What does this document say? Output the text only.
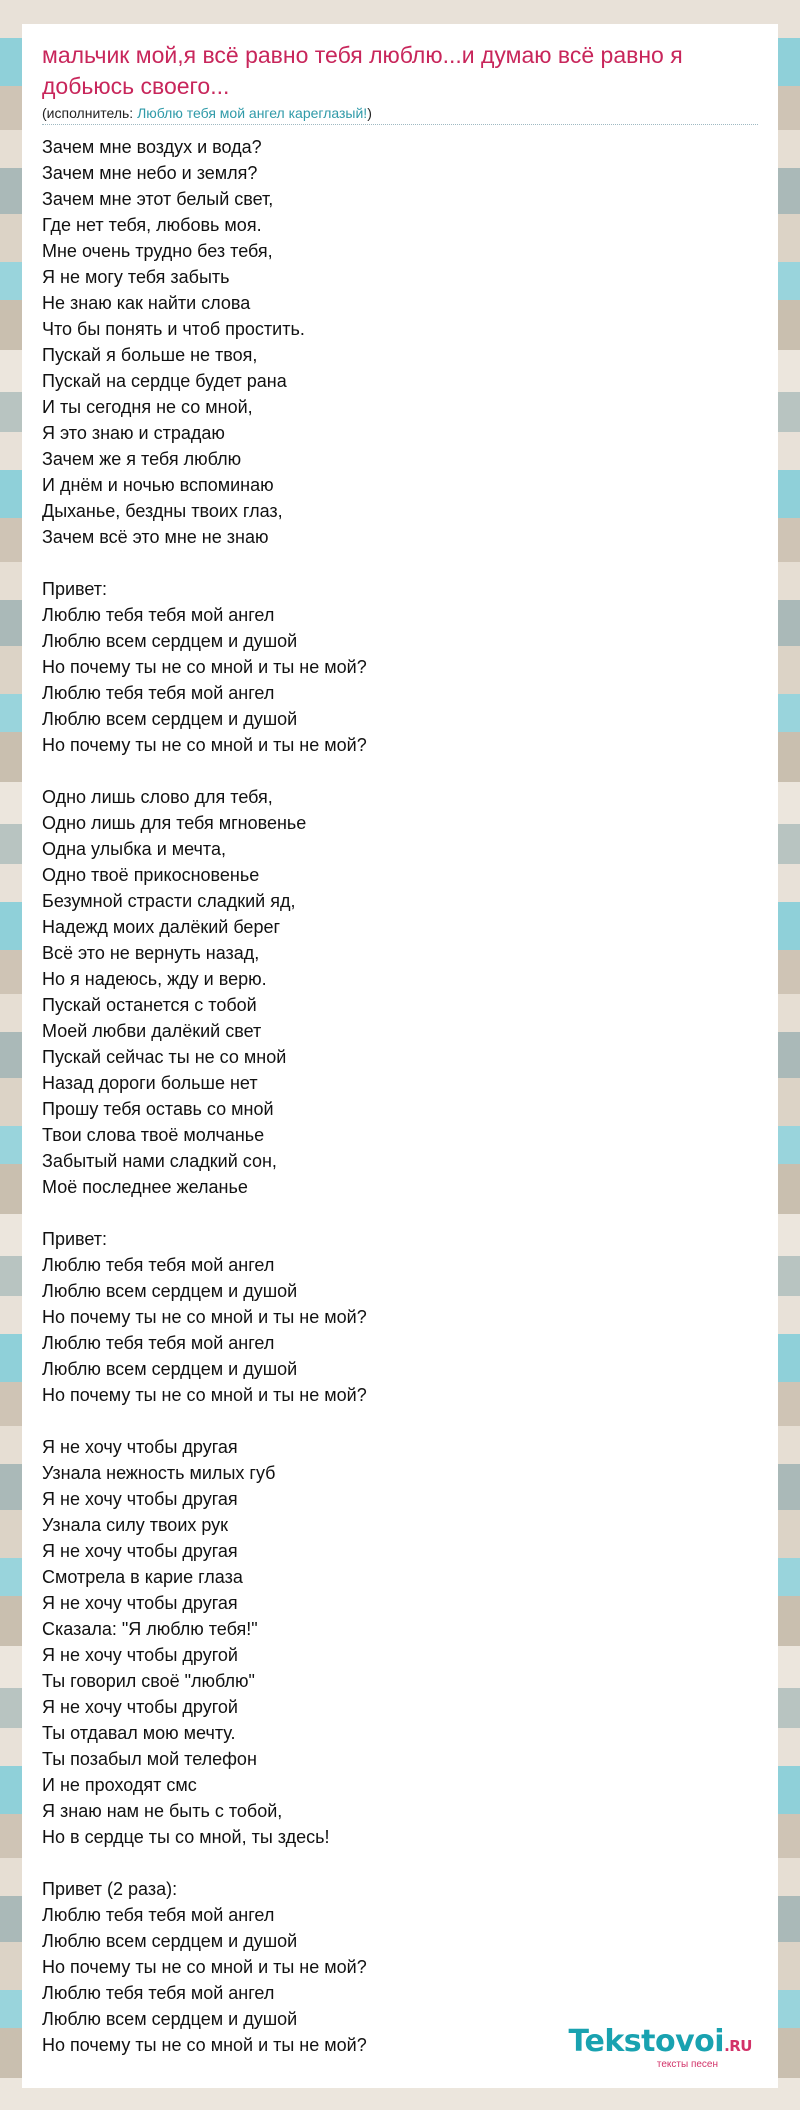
мальчик мой,я всё равно тебя люблю...и думаю всё равно я добьюсь своего...
(исполнитель: Люблю тебя мой ангел кареглазый!)
Зачем мне воздух и вода?
Зачем мне небо и земля?
Зачем мне этот белый свет,
Где нет тебя, любовь моя.
Мне очень трудно без тебя,
Я не могу тебя забыть
Не знаю как найти слова
Что бы понять и чтоб простить.
Пускай я больше не твоя,
Пускай на сердце будет рана
И ты сегодня не со мной,
Я это знаю и страдаю
Зачем же я тебя люблю
И днём и ночью вспоминаю
Дыханье, бездны твоих глаз,
Зачем всё это мне не знаю
Привет:
Люблю тебя тебя мой ангел
Люблю всем сердцем и душой
Но почему ты не со мной и ты не мой?
Люблю тебя тебя мой ангел
Люблю всем сердцем и душой
Но почему ты не со мной и ты не мой?
Одно лишь слово для тебя,
Одно лишь для тебя мгновенье
Одна улыбка и мечта,
Одно твоё прикосновенье
Безумной страсти сладкий яд,
Надежд моих далёкий берег
Всё это не вернуть назад,
Но я надеюсь, жду и верю.
Пускай останется с тобой
Моей любви далёкий свет
Пускай сейчас ты не со мной
Назад дороги больше нет
Прошу тебя оставь со мной
Твои слова твоё молчанье
Забытый нами сладкий сон,
Моё последнее желанье
Привет:
Люблю тебя тебя мой ангел
Люблю всем сердцем и душой
Но почему ты не со мной и ты не мой?
Люблю тебя тебя мой ангел
Люблю всем сердцем и душой
Но почему ты не со мной и ты не мой?
Я не хочу чтобы другая
Узнала нежность милых губ
Я не хочу чтобы другая
Узнала силу твоих рук
Я не хочу чтобы другая
Смотрела в карие глаза
Я не хочу чтобы другая
Сказала: "Я люблю тебя!"
Я не хочу чтобы другой
Ты говорил своё "люблю"
Я не хочу чтобы другой
Ты отдавал мою мечту.
Ты позабыл мой телефон
И не проходят смс
Я знаю нам не быть с тобой,
Но в сердце ты со мной, ты здесь!
Привет (2 раза):
Люблю тебя тебя мой ангел
Люблю всем сердцем и душой
Но почему ты не со мной и ты не мой?
Люблю тебя тебя мой ангел
Люблю всем сердцем и душой
Но почему ты не со мной и ты не мой?	Tekstovoi.RU
тексты песен
